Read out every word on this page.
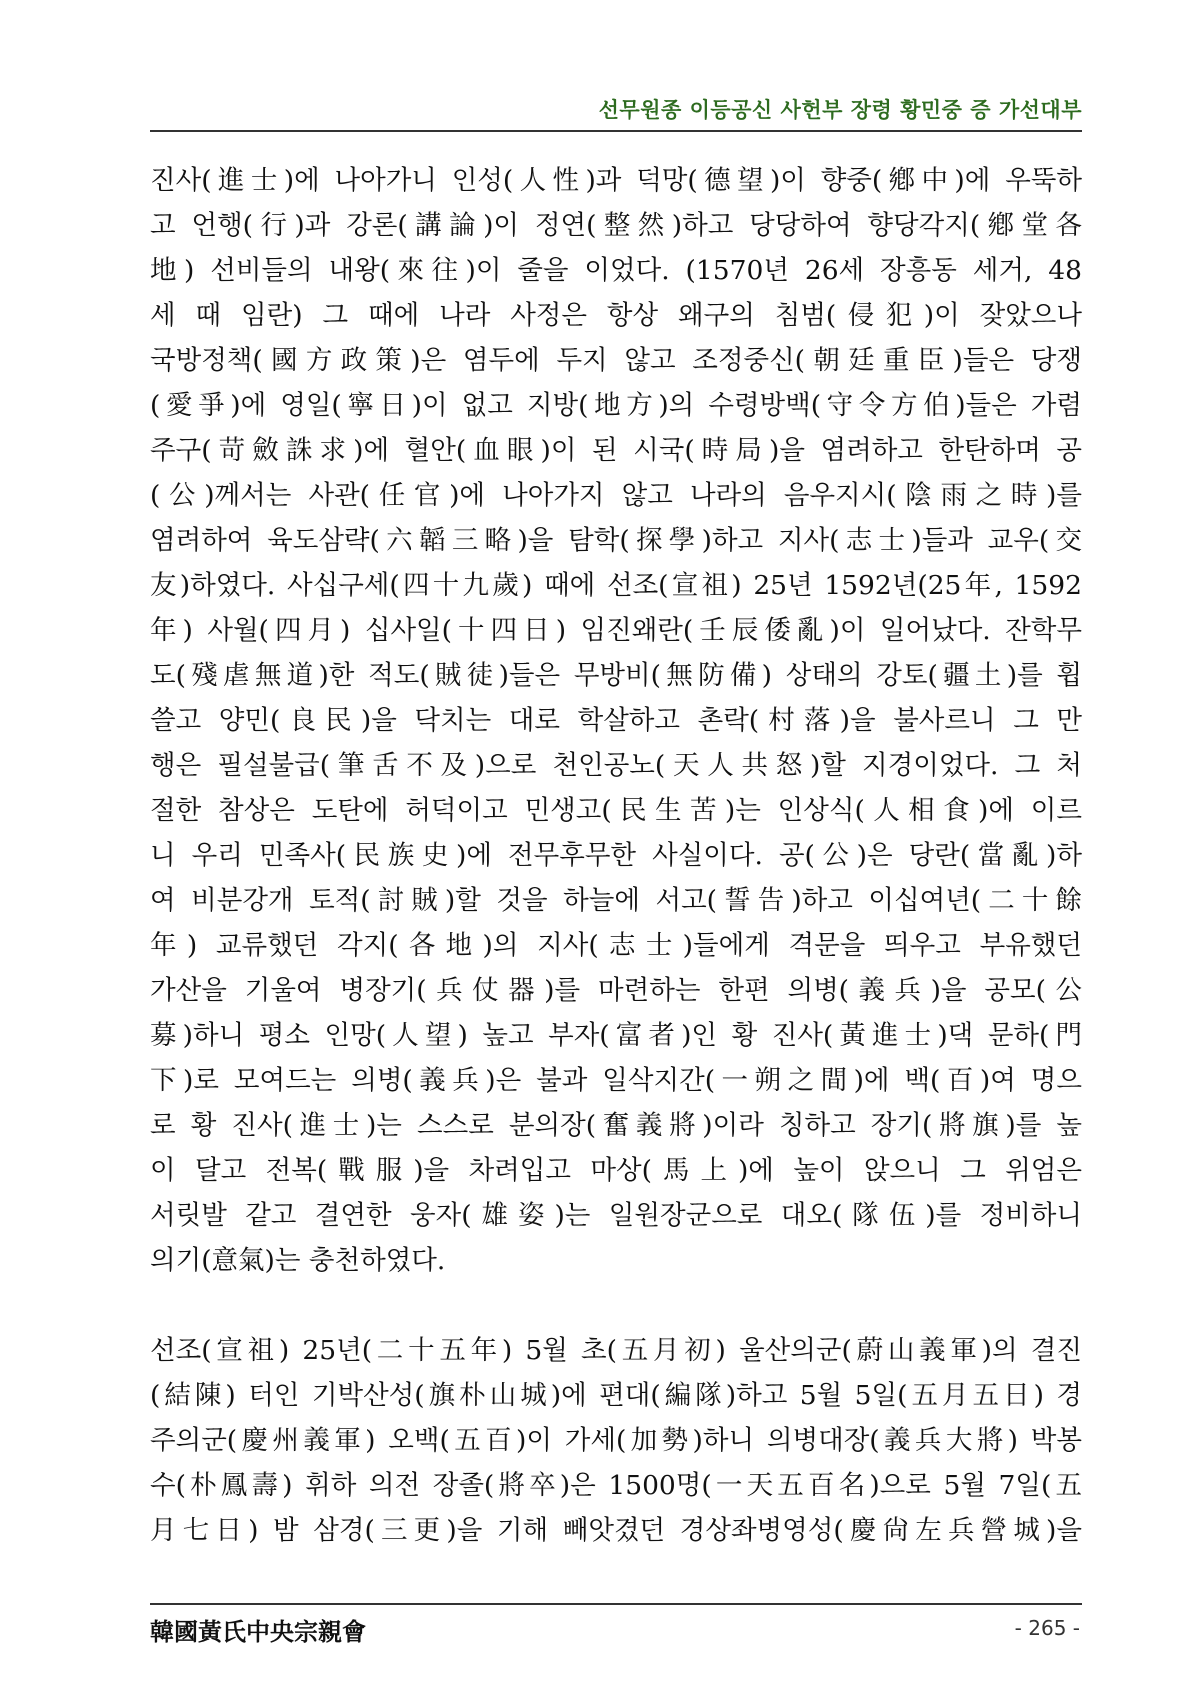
선무원종 이등공신 사헌부 장령 황민중 증 가선대부
진사(進士)에 나아가니 인성(人性)과 덕망(德望)이 향중(鄕中)에 우뚝하
고 언행(行)과 강론(講論)이 정연(整然)하고 당당하여 향당각지(鄕堂各
地) 선비들의 내왕(來往)이 줄을 이었다. (1570년 26세 장흥동 세거, 48
세 때 임란) 그 때에 나라 사정은 항상 왜구의 침범(侵犯)이 잦았으나
국방정책(國方政策)은 염두에 두지 않고 조정중신(朝廷重臣)들은 당쟁
(愛爭)에 영일(寧日)이 없고 지방(地方)의 수령방백(守令方伯)들은 가렴
주구(苛斂誅求)에 혈안(血眼)이 된 시국(時局)을 염려하고 한탄하며 공
(公)께서는 사관(任官)에 나아가지 않고 나라의 음우지시(陰雨之時)를
염려하여 육도삼략(六韜三略)을 탐학(探學)하고 지사(志士)들과 교우(交
友)하였다. 사십구세(四十九歲) 때에 선조(宣祖) 25년 1592년(25年, 1592
年) 사월(四月) 십사일(十四日) 임진왜란(壬辰倭亂)이 일어났다. 잔학무
도(殘虐無道)한 적도(賊徒)들은 무방비(無防備) 상태의 강토(疆土)를 휩
쓸고 양민(良民)을 닥치는 대로 학살하고 촌락(村落)을 불사르니 그 만
행은 필설불급(筆舌不及)으로 천인공노(天人共怒)할 지경이었다. 그 처
절한 참상은 도탄에 허덕이고 민생고(民生苦)는 인상식(人相食)에 이르
니 우리 민족사(民族史)에 전무후무한 사실이다. 공(公)은 당란(當亂)하
여 비분강개 토적(討賊)할 것을 하늘에 서고(誓告)하고 이십여년(二十餘
年) 교류했던 각지(各地)의 지사(志士)들에게 격문을 띄우고 부유했던
가산을 기울여 병장기(兵仗器)를 마련하는 한편 의병(義兵)을 공모(公
募)하니 평소 인망(人望) 높고 부자(富者)인 황 진사(黃進士)댁 문하(門
下)로 모여드는 의병(義兵)은 불과 일삭지간(一朔之間)에 백(百)여 명으
로 황 진사(進士)는 스스로 분의장(奮義將)이라 칭하고 장기(將旗)를 높
이 달고 전복(戰服)을 차려입고 마상(馬上)에 높이 앉으니 그 위엄은
서릿발 같고 결연한 웅자(雄姿)는 일원장군으로 대오(隊伍)를 정비하니
의기(意氣)는 충천하였다.
선조(宣祖) 25년(二十五年) 5월 초(五月初) 울산의군(蔚山義軍)의 결진
(結陳) 터인 기박산성(旗朴山城)에 편대(編隊)하고 5월 5일(五月五日) 경
주의군(慶州義軍) 오백(五百)이 가세(加勢)하니 의병대장(義兵大將) 박봉
수(朴鳳壽) 휘하 의전 장졸(將卒)은 1500명(一天五百名)으로 5월 7일(五
月七日) 밤 삼경(三更)을 기해 빼앗겼던 경상좌병영성(慶尙左兵營城)을
韓國黃氏中央宗親會	- 265 -
